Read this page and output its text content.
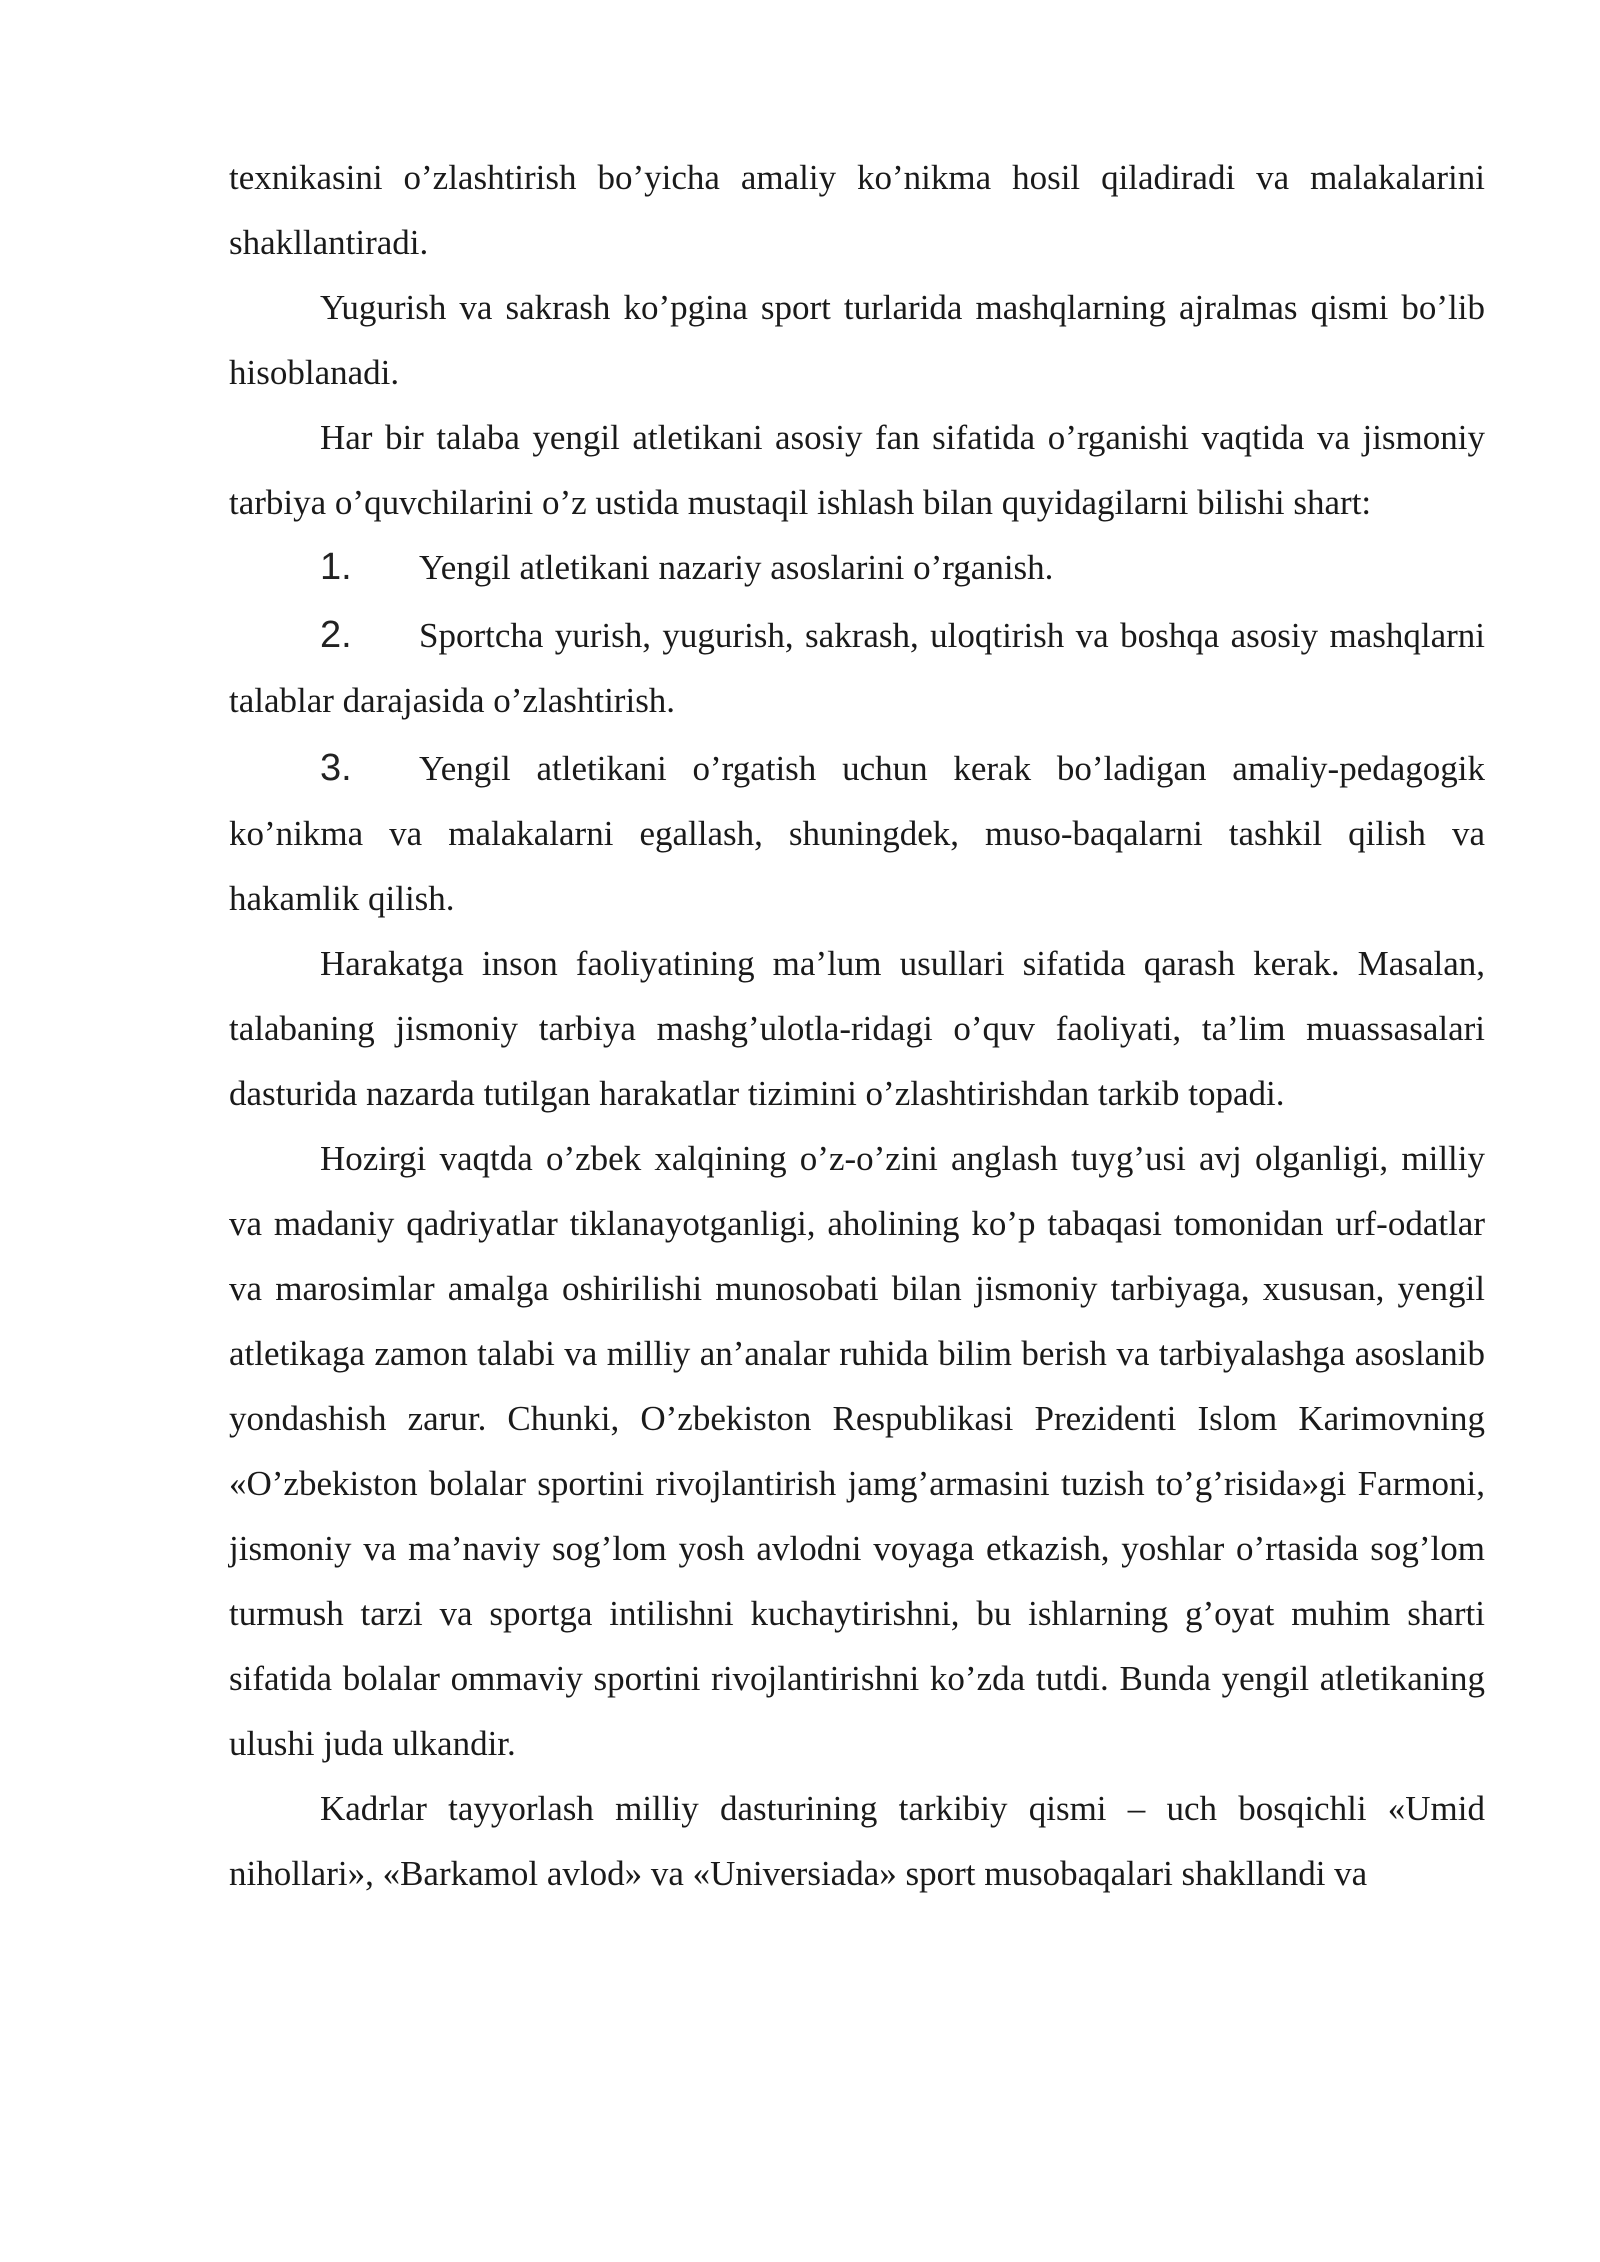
texnikasini o’zlashtirish bo’yicha amaliy ko’nikma hosil qiladiradi va malakalarini shakllantiradi.

Yugurish va sakrash ko’pgina sport turlarida mashqlarning ajralmas qismi bo’lib hisoblanadi.

Har bir talaba yengil atletikani asosiy fan sifatida o’rganishi vaqtida va jismoniy tarbiya o’quvchilarini o’z ustida mustaqil ishlash bilan quyidagilarni bilishi shart:

1. Yengil atletikani nazariy asoslarini o’rganish.

2. Sportcha yurish, yugurish, sakrash, uloqtirish va boshqa asosiy mashqlarni talablar darajasida o’zlashtirish.

3. Yengil atletikani o’rgatish uchun kerak bo’ladigan amaliy-pedagogik ko’nikma va malakalarni egallash, shuningdek, muso-baqalarni tashkil qilish va hakamlik qilish.

Harakatga inson faoliyatining ma’lum usullari sifatida qarash kerak. Masalan, talabaning jismoniy tarbiya mashg’ulotla-ridagi o’quv faoliyati, ta’lim muassasalari dasturida nazarda tutilgan harakatlar tizimini o’zlashtirishdan tarkib topadi.

Hozirgi vaqtda o’zbek xalqining o’z-o’zini anglash tuyg’usi avj olganligi, milliy va madaniy qadriyatlar tiklanayotganligi, aholining ko’p tabaqasi tomonidan urf-odatlar va marosimlar amalga oshirilishi munosobati bilan jismoniy tarbiyaga, xususan, yengil atletikaga zamon talabi va milliy an’analar ruhida bilim berish va tarbiyalashga asoslanib yondashish zarur. Chunki, O’zbekiston Respublikasi Prezidenti Islom Karimovning «O’zbekiston bolalar sportini rivojlantirish jamg’armasini tuzish to’g’risida»gi Farmoni, jismoniy va ma’naviy sog’lom yosh avlodni voyaga etkazish, yoshlar o’rtasida sog’lom turmush tarzi va sportga intilishni kuchaytirishni, bu ishlarning g’oyat muhim sharti sifatida bolalar ommaviy sportini rivojlantirishni ko’zda tutdi. Bunda yengil atletikaning ulushi juda ulkandir.

Kadrlar tayyorlash milliy dasturining tarkibiy qismi – uch bosqichli «Umid nihollari», «Barkamol avlod» va «Universiada» sport musobaqalari shakllandi va
